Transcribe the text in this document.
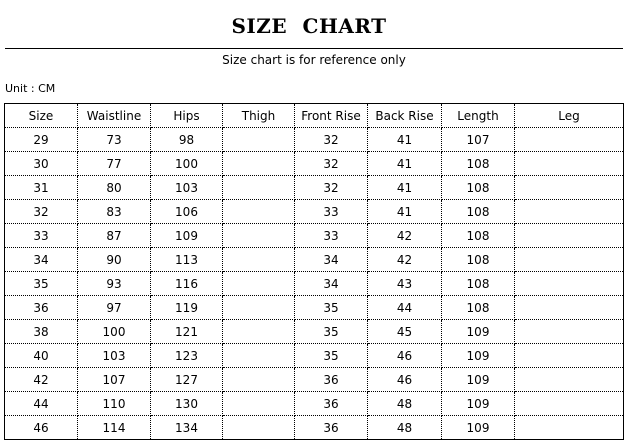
SIZE CHART
Size chart is for reference only
Unit : CM
Size	Waistline	Hips	Thigh	Front Rise	Back Rise	Length	Leg
29	73	98		32	41	107	
30	77	100		32	41	108	
31	80	103		32	41	108	
32	83	106		33	41	108	
33	87	109		33	42	108	
34	90	113		34	42	108	
35	93	116		34	43	108	
36	97	119		35	44	108	
38	100	121		35	45	109	
40	103	123		35	46	109	
42	107	127		36	46	109	
44	110	130		36	48	109	
46	114	134		36	48	109	
